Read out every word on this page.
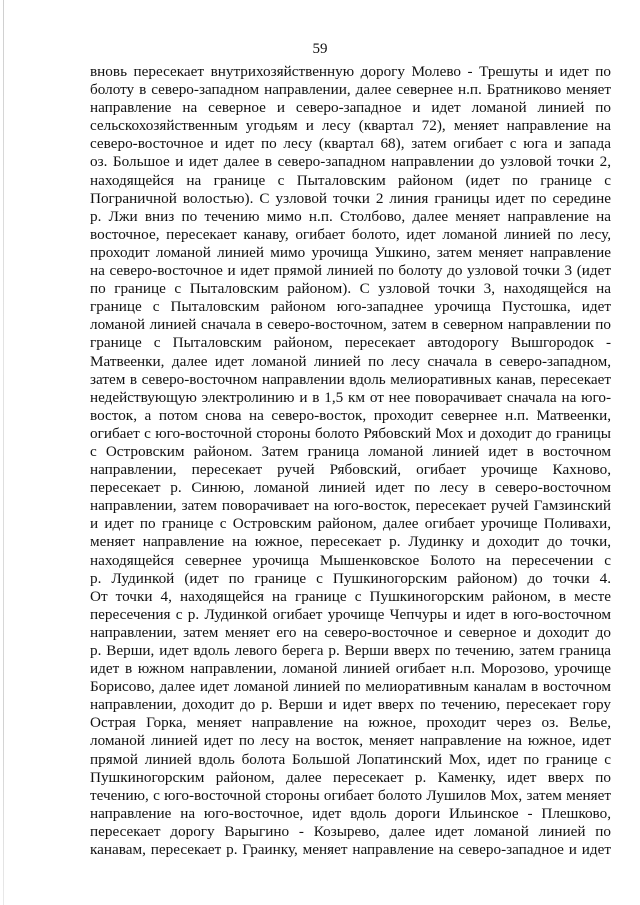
59
вновь пересекает внутрихозяйственную дорогу Молево - Трешуты и идет по
болоту в северо-западном направлении, далее севернее н.п. Братниково меняет
направление на северное и северо-западное и идет ломаной линией по
сельскохозяйственным угодьям и лесу (квартал 72), меняет направление на
северо-восточное и идет по лесу (квартал 68), затем огибает с юга и запада
оз. Большое и идет далее в северо-западном направлении до узловой точки 2,
находящейся на границе с Пыталовским районом (идет по границе с
Пограничной волостью). С узловой точки 2 линия границы идет по середине
р. Лжи вниз по течению мимо н.п. Столбово, далее меняет направление на
восточное, пересекает канаву, огибает болото, идет ломаной линией по лесу,
проходит ломаной линией мимо урочища Ушкино, затем меняет направление
на северо-восточное и идет прямой линией по болоту до узловой точки 3 (идет
по границе с Пыталовским районом). С узловой точки 3, находящейся на
границе с Пыталовским районом юго-западнее урочища Пустошка, идет
ломаной линией сначала в северо-восточном, затем в северном направлении по
границе с Пыталовским районом, пересекает автодорогу Вышгородок -
Матвеенки, далее идет ломаной линией по лесу сначала в северо-западном,
затем в северо-восточном направлении вдоль мелиоративных канав, пересекает
недействующую электролинию и в 1,5 км от нее поворачивает сначала на юго-
восток, а потом снова на северо-восток, проходит севернее н.п. Матвеенки,
огибает с юго-восточной стороны болото Рябовский Мох и доходит до границы
с Островским районом. Затем граница ломаной линией идет в восточном
направлении, пересекает ручей Рябовский, огибает урочище Кахново,
пересекает р. Синюю, ломаной линией идет по лесу в северо-восточном
направлении, затем поворачивает на юго-восток, пересекает ручей Гамзинский
и идет по границе с Островским районом, далее огибает урочище Поливахи,
меняет направление на южное, пересекает р. Лудинку и доходит до точки,
находящейся севернее урочища Мышенковское Болото на пересечении с
р. Лудинкой (идет по границе с Пушкиногорским районом) до точки 4.
От точки 4, находящейся на границе с Пушкиногорским районом, в месте
пересечения с р. Лудинкой огибает урочище Чепчуры и идет в юго-восточном
направлении, затем меняет его на северо-восточное и северное и доходит до
р. Верши, идет вдоль левого берега р. Верши вверх по течению, затем граница
идет в южном направлении, ломаной линией огибает н.п. Морозово, урочище
Борисово, далее идет ломаной линией по мелиоративным каналам в восточном
направлении, доходит до р. Верши и идет вверх по течению, пересекает гору
Острая Горка, меняет направление на южное, проходит через оз. Велье,
ломаной линией идет по лесу на восток, меняет направление на южное, идет
прямой линией вдоль болота Большой Лопатинский Мох, идет по границе с
Пушкиногорским районом, далее пересекает р. Каменку, идет вверх по
течению, с юго-восточной стороны огибает болото Лушилов Мох, затем меняет
направление на юго-восточное, идет вдоль дороги Ильинское - Плешково,
пересекает дорогу Варыгино - Козырево, далее идет ломаной линией по
канавам, пересекает р. Граинку, меняет направление на северо-западное и идет
